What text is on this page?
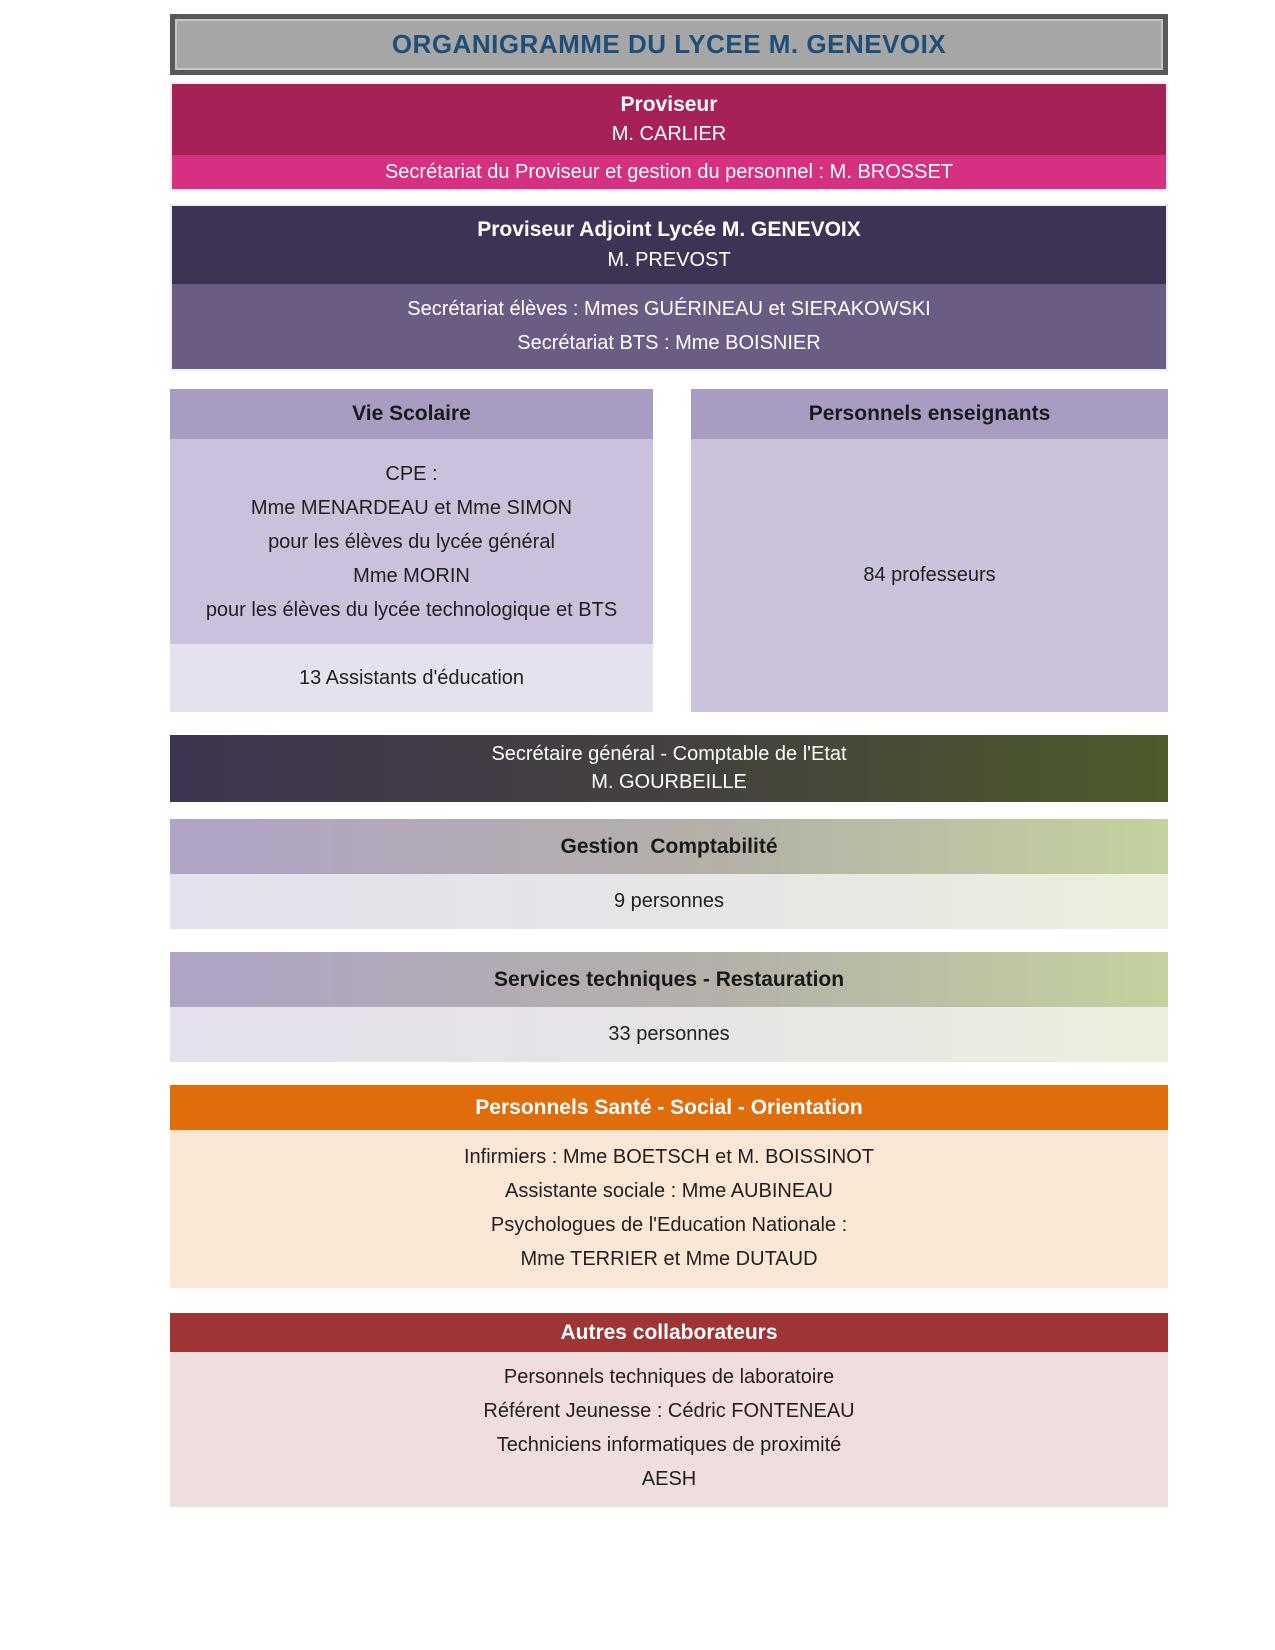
ORGANIGRAMME DU LYCEE M. GENEVOIX
Proviseur
M. CARLIER
Secrétariat du Proviseur et gestion du personnel : M. BROSSET
Proviseur Adjoint Lycée M. GENEVOIX
M. PREVOST
Secrétariat élèves : Mmes GUÉRINEAU et SIERAKOWSKI
Secrétariat BTS : Mme BOISNIER
Vie Scolaire
CPE :
Mme MENARDEAU et Mme SIMON
pour les élèves du lycée général
Mme MORIN
pour les élèves du lycée technologique et BTS
13 Assistants d'éducation
Personnels enseignants
84 professeurs
Secrétaire général - Comptable de l'Etat
M. GOURBEILLE
Gestion  Comptabilité
9 personnes
Services techniques - Restauration
33 personnes
Personnels Santé - Social - Orientation
Infirmiers : Mme BOETSCH et M. BOISSINOT
Assistante sociale : Mme AUBINEAU
Psychologues de l'Education Nationale :
Mme TERRIER et Mme DUTAUD
Autres collaborateurs
Personnels techniques de laboratoire
Référent Jeunesse : Cédric FONTENEAU
Techniciens informatiques de proximité
AESH
